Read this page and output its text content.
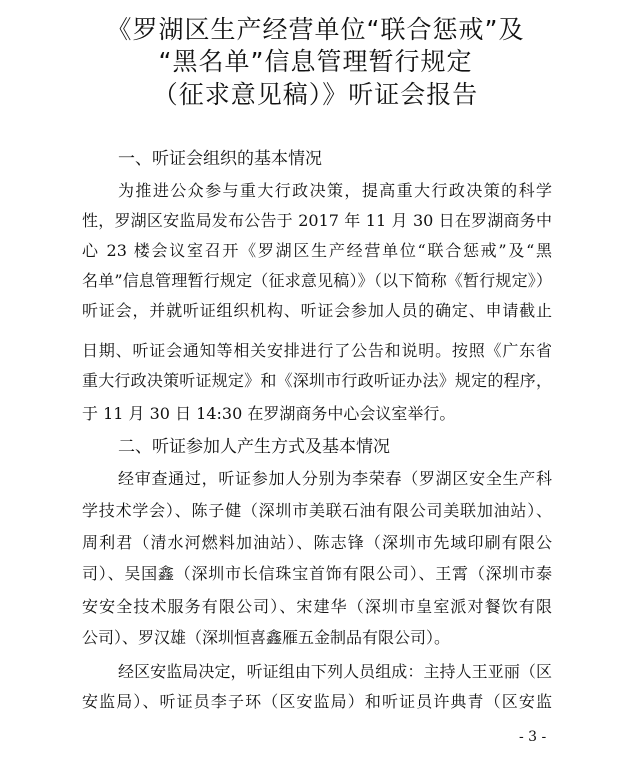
《罗湖区生产经营单位“联合惩戒”及
“黑名单”信息管理暂行规定
（征求意见稿）》听证会报告
一、听证会组织的基本情况
为推进公众参与重大行政决策，提高重大行政决策的科学
性，罗湖区安监局发布公告于 2017 年 11 月 30 日在罗湖商务中
心 23 楼会议室召开《罗湖区生产经营单位“联合惩戒”及“黑
名单”信息管理暂行规定（征求意见稿）》（以下简称《暂行规定》）
听证会，并就听证组织机构、听证会参加人员的确定、申请截止
日期、听证会通知等相关安排进行了公告和说明。按照《广东省
重大行政决策听证规定》和《深圳市行政听证办法》规定的程序，
于 11 月 30 日 14:30 在罗湖商务中心会议室举行。
二、听证参加人产生方式及基本情况
经审查通过，听证参加人分别为李荣春（罗湖区安全生产科
学技术学会）、陈子健（深圳市美联石油有限公司美联加油站）、
周利君（清水河燃料加油站）、陈志锋（深圳市先域印刷有限公
司）、吴国鑫（深圳市长信珠宝首饰有限公司）、王霄（深圳市泰
安安全技术服务有限公司）、宋建华（深圳市皇室派对餐饮有限
公司）、罗汉雄（深圳恒喜鑫雁五金制品有限公司）。
经区安监局决定，听证组由下列人员组成：主持人王亚丽（区
安监局）、听证员李子环（区安监局）和听证员许典青（区安监
- 3 -
